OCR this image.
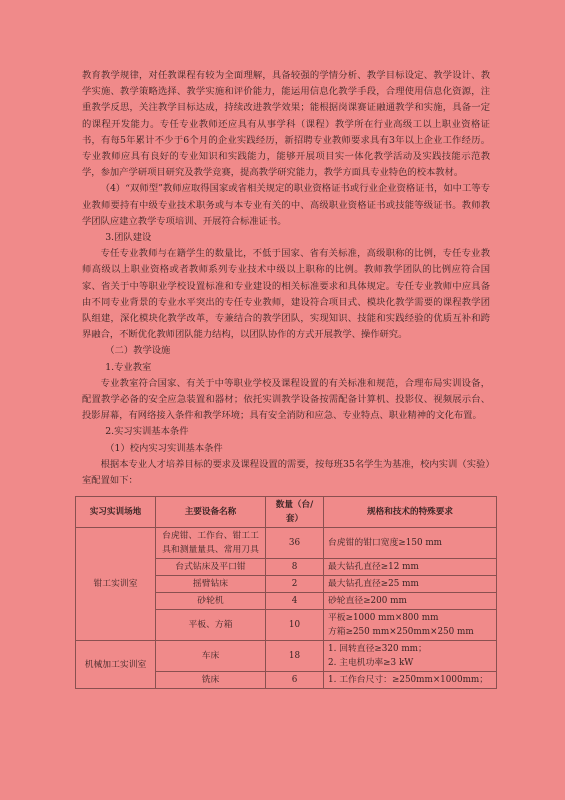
教育教学规律，对任教课程有较为全面理解，具备较强的学情分析、教学目标设定、教学设计、教学实施、教学策略选择、教学实施和评价能力，能运用信息化教学手段，合理使用信息化资源，注重教学反思，关注教学目标达成，持续改进教学效果；能根据岗课赛证融通教学和实施，具备一定的课程开发能力。专任专业教师还应具有从事学科（课程）教学所在行业高级工以上职业资格证书，有每5年累计不少于6个月的企业实践经历，新招聘专业教师要求具有3年以上企业工作经历。专业教师应具有良好的专业知识和实践能力，能够开展项目实一体化教学活动及实践技能示范教学，参加产学研项目研究及教学竞赛，提高教学研究能力，教学方面具专业特色的校本教材。

（4）“双师型”教师应取得国家或省相关规定的职业资格证书或行业企业资格证书，如中工等专业教师要持有中级专业技术职务或与本专业有关的中、高级职业资格证书或技能等级证书。教师教学团队应建立教学专项培训、开展符合标准证书。

3.团队建设

专任专业教师与在籍学生的数量比，不低于国家、省有关标准，高级职称的比例，专任专业教师高级以上职业资格或者教师系列专业技术中级以上职称的比例。教师教学团队的比例应符合国家、省关于中等职业学校设置标准和专业建设的相关标准要求和具体规定。专任专业教师中应具备由不同专业背景的专业水平突出的专任专业教师，建设符合项目式、模块化教学需要的课程教学团队组建，深化模块化教学改革，专兼结合的教学团队，实现知识、技能和实践经验的优质互补和跨界融合，不断优化教师团队能力结构，以团队协作的方式开展教学、操作研究。

（二）教学设施

1.专业教室

专业教室符合国家、有关于中等职业学校及课程设置的有关标准和规范，合理布局实训设备，配置教学必备的安全应急装置和器材；依托实训教学设备按需配备计算机、投影仪、视频展示台、投影屏幕，有网络接入条件和教学环境；具有安全消防和应急、专业特点、职业精神的文化布置。

2.实习实训基本条件

（1）校内实习实训基本条件

根据本专业人才培养目标的要求及课程设置的需要，按每班35名学生为基准，校内实训（实验）室配置如下：

实习实训场地	主要设备名称	数量（台/套）	规格和技术的特殊要求
钳工实训室	台虎钳、工作台、钳工工具和测量量具、常用刀具	36	台虎钳的钳口宽度≥150 mm
	台式钻床及平口钳	8	最大钻孔直径≥12 mm
	摇臂钻床	2	最大钻孔直径≥25 mm
	砂轮机	4	砂轮直径≥200 mm
	平板、方箱	10	平板≥1000 mm×800 mm
方箱≥250 mm×250mm×250 mm
机械加工实训室	车床	18	1. 回转直径≥320 mm；
2. 主电机功率≥3 kW
	铣床	6	1. 工作台尺寸：≥250mm×1000mm；
